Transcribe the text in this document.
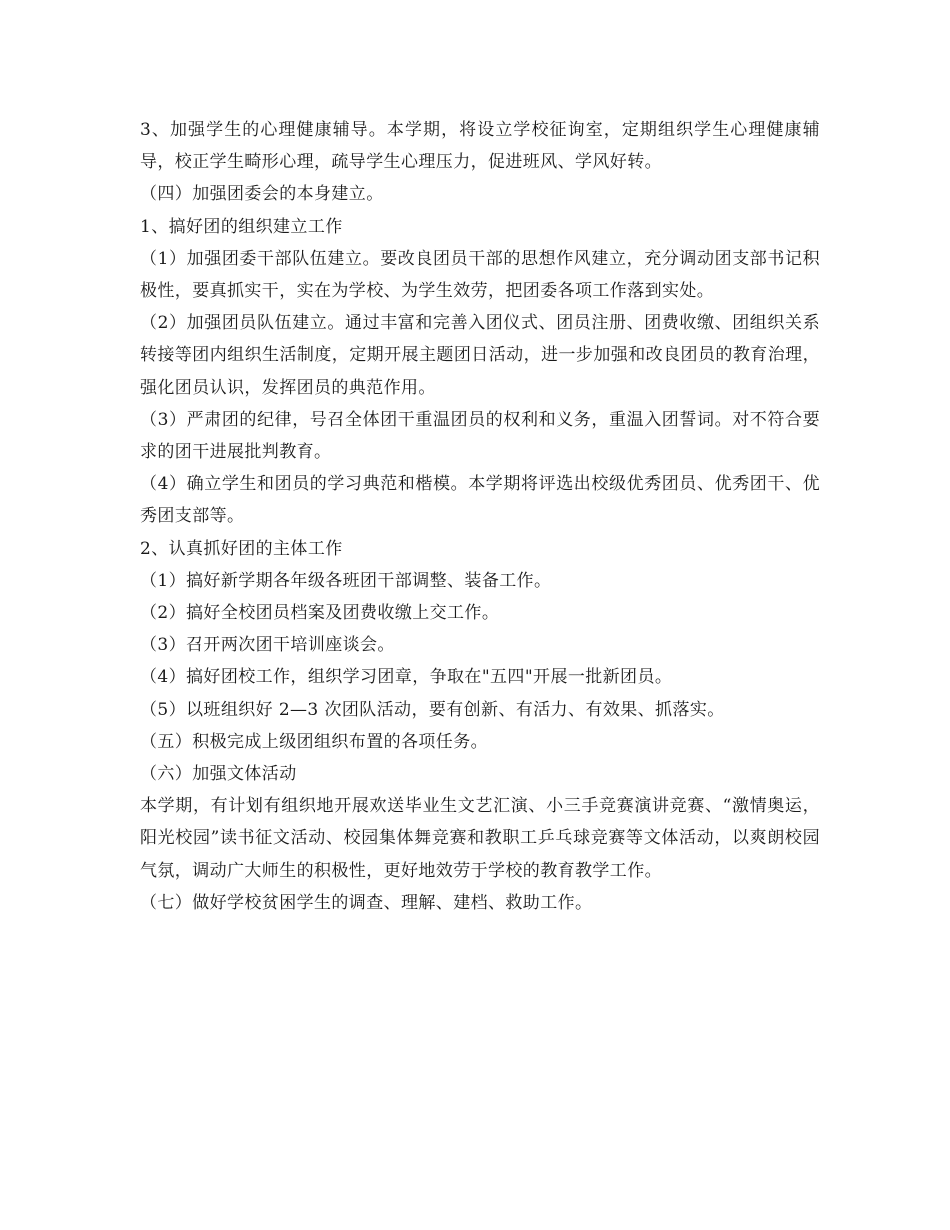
3、加强学生的心理健康辅导。本学期，将设立学校征询室，定期组织学生心理健康辅导，校正学生畸形心理，疏导学生心理压力，促进班风、学风好转。

（四）加强团委会的本身建立。

1、搞好团的组织建立工作

（1）加强团委干部队伍建立。要改良团员干部的思想作风建立，充分调动团支部书记积极性，要真抓实干，实在为学校、为学生效劳，把团委各项工作落到实处。

（2）加强团员队伍建立。通过丰富和完善入团仪式、团员注册、团费收缴、团组织关系转接等团内组织生活制度，定期开展主题团日活动，进一步加强和改良团员的教育治理，强化团员认识，发挥团员的典范作用。

（3）严肃团的纪律，号召全体团干重温团员的权利和义务，重温入团誓词。对不符合要求的团干进展批判教育。

（4）确立学生和团员的学习典范和楷模。本学期将评选出校级优秀团员、优秀团干、优秀团支部等。

2、认真抓好团的主体工作

（1）搞好新学期各年级各班团干部调整、装备工作。

（2）搞好全校团员档案及团费收缴上交工作。

（3）召开两次团干培训座谈会。

（4）搞好团校工作，组织学习团章，争取在"五四"开展一批新团员。

（5）以班组织好 2—3 次团队活动，要有创新、有活力、有效果、抓落实。

（五）积极完成上级团组织布置的各项任务。

（六）加强文体活动

本学期，有计划有组织地开展欢送毕业生文艺汇演、小三手竞赛演讲竞赛、“激情奥运，阳光校园”读书征文活动、校园集体舞竞赛和教职工乒乓球竞赛等文体活动，以爽朗校园气氛，调动广大师生的积极性，更好地效劳于学校的教育教学工作。

（七）做好学校贫困学生的调查、理解、建档、救助工作。
